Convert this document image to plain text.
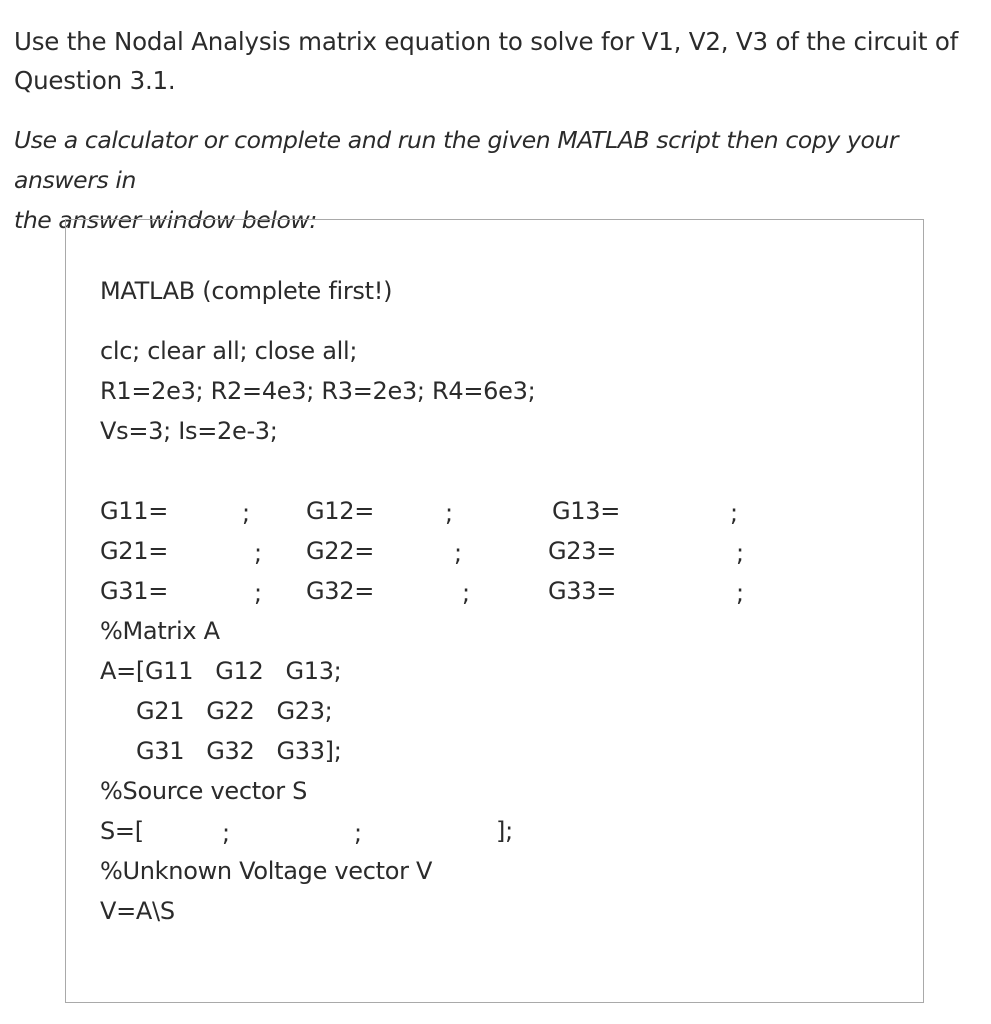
Use the Nodal Analysis matrix equation to solve for V1, V2, V3 of the circuit of
Question 3.1.
Use a calculator or complete and run the given MATLAB script then copy your answers in
the answer window below:
MATLAB (complete first!)
clc; clear all; close all;
R1=2e3; R2=4e3; R3=2e3; R4=6e3;
Vs=3; Is=2e-3;
G11=	; G12=	;	G13=	;
G21=	; G22=	;	G23=	;
G31=	; G32=	;	G33=	;
%Matrix A
A=[G11   G12   G13;
G21   G22   G23;
G31   G32   G33];
%Source vector S
S=[	;	;	];
%Unknown Voltage vector V
V=A\S
